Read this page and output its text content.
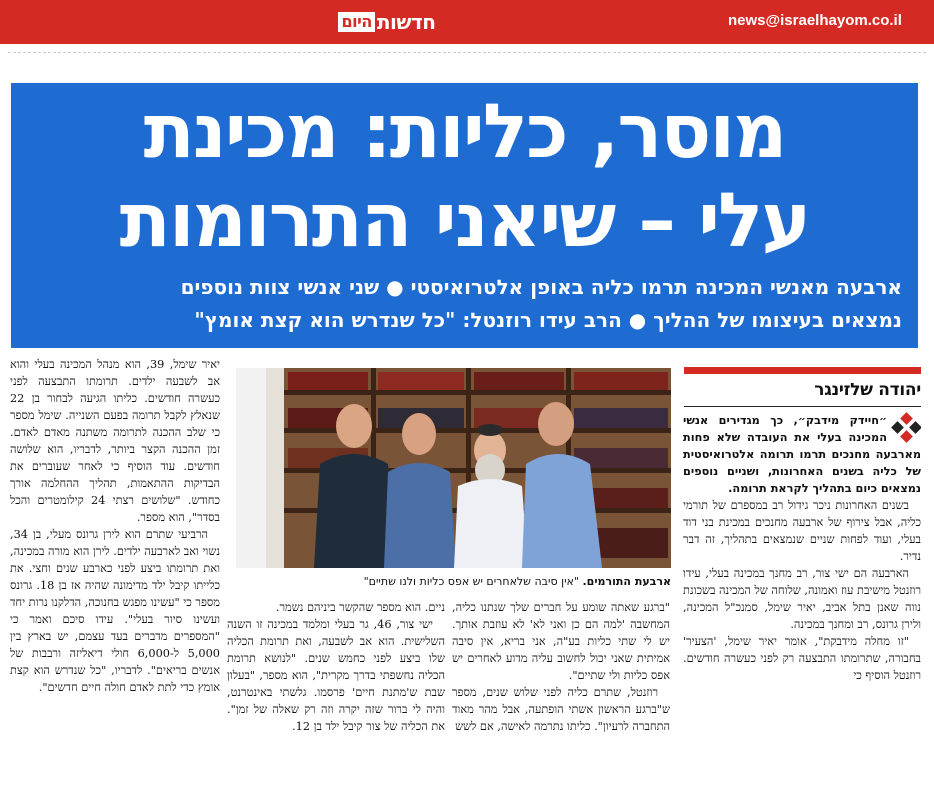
חדשות
היום	news@israelhayom.co.il
מוסר, כליות: מכינת
עלי – שיאני התרומות
ארבעה מאנשי המכינה תרמו כליה באופן אלטרואיסטי ● שני אנשי צוות נוספים
נמצאים בעיצומו של ההליך ● הרב עידו רוזנטל: "כל שנדרש הוא קצת אומץ"
יהודה שלזינגר

״חיידק מידבק״, כך מגדירים אנשי המכינה בעלי את העובדה שלא פחות מארבעה מחנכים תרמו תרומה אלטרואיסטית של כליה בשנים האחרונות, ושניים נוספים נמצאים כיום בתהליך לקראת תרומה.

בשנים האחרונות ניכר גידול רב במספרם של תורמי כליה, אבל צירוף של ארבעה מחנכים במכינת בני דוד בעלי, ועוד לפחות שניים שנמצאים בתהליך, זה דבר נדיר.

הארבעה הם ישי צור, רב מחנך במכינה בעלי, עידו רוזנטל מישיבת עוז ואמונה, שלוחה של המכינה בשכונת נווה שאנן בתל אביב, יאיר שימל, סמנכ"ל המכינה, ולירן גרונס, רב ומחנך במכינה.

"זו מחלה מידבקת", אומר יאיר שימל, 'הצעיר' בחבורה, שתרומתו התבצעה רק לפני כעשרה חודשים. רוזנטל הוסיף כי

ארבעת התורמים. "אין סיבה שלאחרים יש אפס כליות ולנו שתיים"

"ברגע שאתה שומע על חברים שלך שנתנו כליה, המחשבה 'למה הם כן ואני לא' לא עוזבת אותך. יש לי שתי כליות בע"ה, אני בריא, אין סיבה אמיתית שאני יכול לחשוב עליה מדוע לאחרים יש אפס כליות ולי שתיים".

רוזנטל, שתרם כליה לפני שלוש שנים, מספר ש"ברגע הראשון אשתי הופתעה, אבל מהר מאוד התחברה לרעיון". כליתו נתרמה לאישה, אם לשש

ניים. הוא מספר שהקשר ביניהם נשמר.

ישי צור, 46, גר בעלי ומלמד במכינה זו השנה השלישית. הוא אב לשבעה, ואת תרומת הכליה שלו ביצע לפני כחמש שנים. "לנושא תרומת הכליה נחשפתי בדרך מקרית", הוא מספר, "בעלון שבת ש'מתנת חיים' פרסמו. גלשתי באינטרנט, והיה לי ברור שזה יקרה וזה רק שאלה של זמן". את הכליה של צור קיבל ילד בן 12.

יאיר שימל, 39, הוא מנהל המכינה בעלי והוא אב לשבעה ילדים. תרומתו התבצעה לפני כעשרה חודשים. כליתו הגיעה לבחור בן 22 שנאלץ לקבל תרומה בפעם השנייה. שימל מספר כי שלב ההכנה לתרומה משתנה מאדם לאדם. זמן ההכנה הקצר ביותר, לדבריו, הוא שלושה חודשים. עוד הוסיף כי לאחר שעוברים את הבדיקות ההתאמות, תהליך ההחלמה אורך כחודש. "שלושים רצתי 24 קילומטרים והכל בסדר", הוא מספר.

הרביעי שתרם הוא לירן גרונס מעלי, בן 34, נשוי ואב לארבעה ילדים. לירן הוא מורה במכינה, ואת תרומתו ביצע לפני כארבע שנים וחצי. את כלייתו קיבל ילד מדימונה שהיה אז בן 18. גרונס מספר כי "עשינו מפגש בחנוכה, הדלקנו נרות יחד ועשינו סיור בעלי". עידו סיכם ואמר כי "המספרים מדברים בעד עצמם, יש בארץ בין 5,000 ל-6,000 חולי דיאליזה ורבבות של אנשים בריאים". לדבריו, "כל שנדרש הוא קצת אומץ כדי לתת לאדם חולה חיים חדשים".
